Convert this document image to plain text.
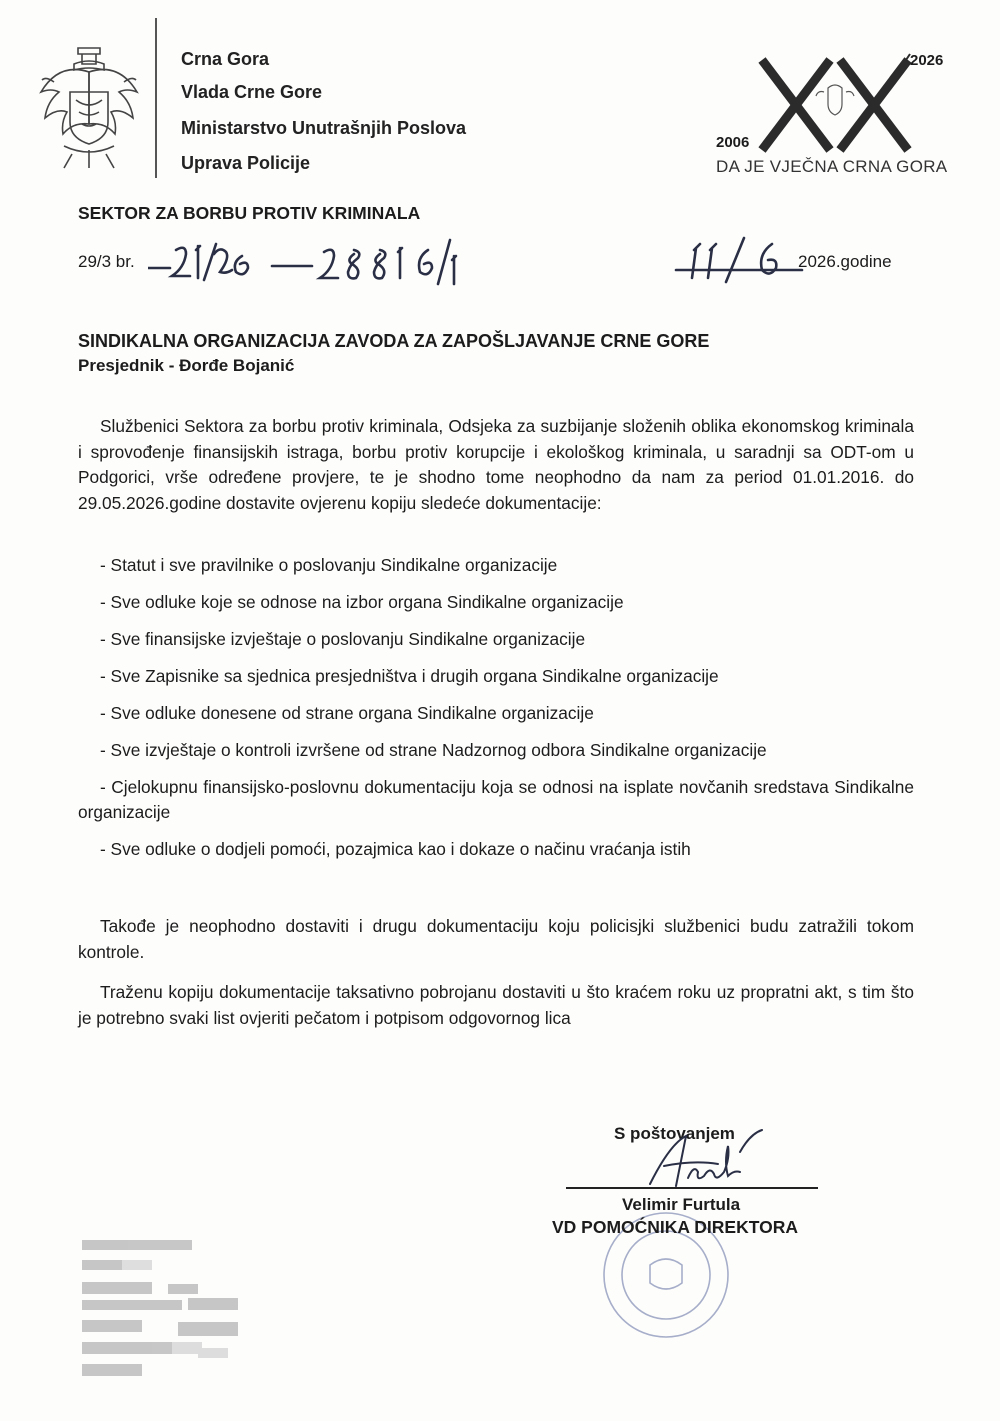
Crna Gora
Vlada Crne Gore
Ministarstvo Unutrašnjih Poslova
Uprava Policije
2006
2026
DA JE VJEČNA CRNA GORA
SEKTOR ZA BORBU PROTIV KRIMINALA
29/3 br.	2026.godine
SINDIKALNA ORGANIZACIJA ZAVODA ZA ZAPOŠLJAVANJE CRNE GORE
Presjednik - Đorđe Bojanić

Službenici Sektora za borbu protiv kriminala, Odsjeka za suzbijanje složenih oblika ekonomskog kriminala i sprovođenje finansijskih istraga, borbu protiv korupcije i ekološkog kriminala, u saradnji sa ODT-om u Podgorici, vrše određene provjere, te je shodno tome neophodno da nam za period 01.01.2016. do 29.05.2026.godine dostavite ovjerenu kopiju sledeće dokumentacije:

- Statut i sve pravilnike o poslovanju Sindikalne organizacije
- Sve odluke koje se odnose na izbor organa Sindikalne organizacije
- Sve finansijske izvještaje o poslovanju Sindikalne organizacije
- Sve Zapisnike sa sjednica presjedništva i drugih organa Sindikalne organizacije
- Sve odluke donesene od strane organa Sindikalne organizacije
- Sve izvještaje o kontroli izvršene od strane Nadzornog odbora Sindikalne organizacije
- Cjelokupnu finansijsko-poslovnu dokumentaciju koja se odnosi na isplate novčanih sredstava Sindikalne organizacije
- Sve odluke o dodjeli pomoći, pozajmica kao i dokaze o načinu vraćanja istih

Takođe je neophodno dostaviti i drugu dokumentaciju koju policisjki službenici budu zatražili tokom kontrole.

Traženu kopiju dokumentacije taksativno pobrojanu dostaviti u što kraćem roku uz propratni akt, s tim što je potrebno svaki list ovjeriti pečatom i potpisom odgovornog lica

S poštovanjem
Velimir Furtula
VD POMOĆNIKA DIREKTORA
